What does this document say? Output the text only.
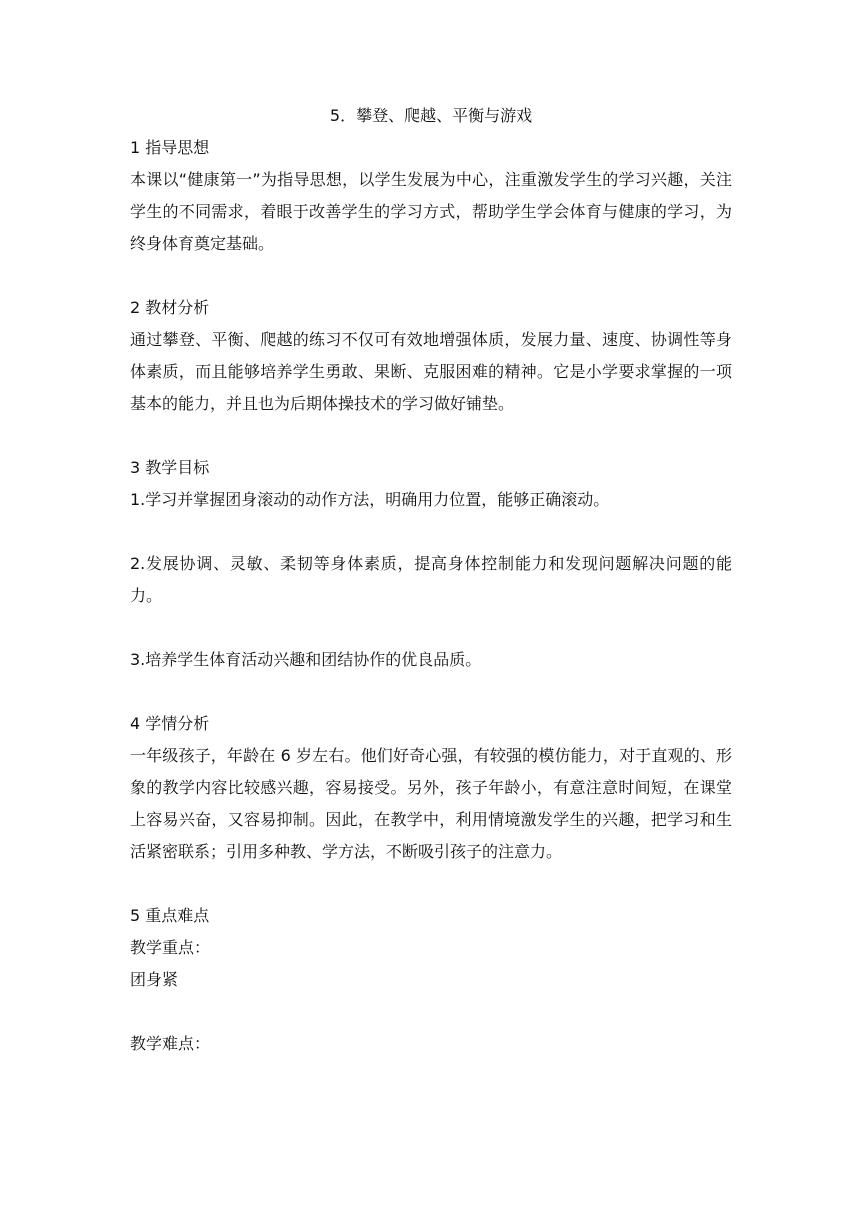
5．攀登、爬越、平衡与游戏

1 指导思想

本课以“健康第一”为指导思想，以学生发展为中心，注重激发学生的学习兴趣，关注学生的不同需求，着眼于改善学生的学习方式，帮助学生学会体育与健康的学习，为终身体育奠定基础。

2 教材分析

通过攀登、平衡、爬越的练习不仅可有效地增强体质，发展力量、速度、协调性等身体素质，而且能够培养学生勇敢、果断、克服困难的精神。它是小学要求掌握的一项基本的能力，并且也为后期体操技术的学习做好铺垫。

3 教学目标

1.学习并掌握团身滚动的动作方法，明确用力位置，能够正确滚动。

2.发展协调、灵敏、柔韧等身体素质，提高身体控制能力和发现问题解决问题的能力。

3.培养学生体育活动兴趣和团结协作的优良品质。

4 学情分析

一年级孩子，年龄在 6 岁左右。他们好奇心强，有较强的模仿能力，对于直观的、形象的教学内容比较感兴趣，容易接受。另外，孩子年龄小，有意注意时间短，在课堂上容易兴奋，又容易抑制。因此，在教学中，利用情境激发学生的兴趣，把学习和生活紧密联系；引用多种教、学方法，不断吸引孩子的注意力。

5 重点难点

教学重点：

团身紧

教学难点：
